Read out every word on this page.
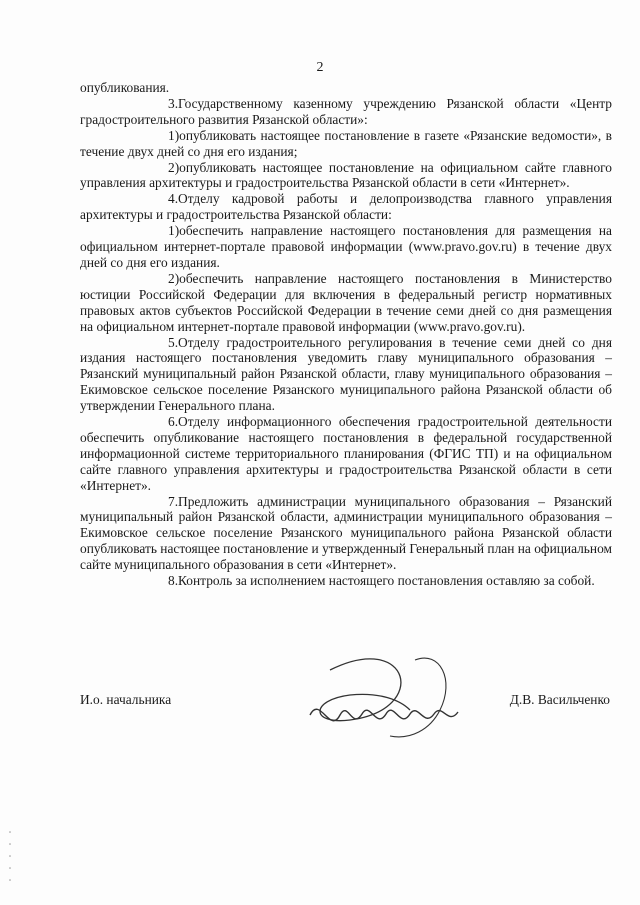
2

опубликования.

3.Государственному казенному учреждению Рязанской области «Центр градостроительного развития Рязанской области»:

1)опубликовать настоящее постановление в газете «Рязанские ведомости», в течение двух дней со дня его издания;

2)опубликовать настоящее постановление на официальном сайте главного управления архитектуры и градостроительства Рязанской области в сети «Интернет».

4.Отделу кадровой работы и делопроизводства главного управления архитектуры и градостроительства Рязанской области:

1)обеспечить направление настоящего постановления для размещения на официальном интернет-портале правовой информации (www.pravo.gov.ru) в течение двух дней со дня его издания.

2)обеспечить направление настоящего постановления в Министерство юстиции Российской Федерации для включения в федеральный регистр нормативных правовых актов субъектов Российской Федерации в течение семи дней со дня размещения на официальном интернет-портале правовой информации (www.pravo.gov.ru).

5.Отделу градостроительного регулирования в течение семи дней со дня издания настоящего постановления уведомить главу муниципального образования – Рязанский муниципальный район Рязанской области, главу муниципального образования – Екимовское сельское поселение Рязанского муниципального района Рязанской области об утверждении Генерального плана.

6.Отделу информационного обеспечения градостроительной деятельности обеспечить опубликование настоящего постановления в федеральной государственной информационной системе территориального планирования (ФГИС ТП) и на официальном сайте главного управления архитектуры и градостроительства Рязанской области в сети «Интернет».

7.Предложить администрации муниципального образования – Рязанский муниципальный район Рязанской области, администрации муниципального образования – Екимовское сельское поселение Рязанского муниципального района Рязанской области опубликовать настоящее постановление и утвержденный Генеральный план на официальном сайте муниципального образования в сети «Интернет».

8.Контроль за исполнением настоящего постановления оставляю за собой.

И.о. начальника	Д.В. Васильченко
